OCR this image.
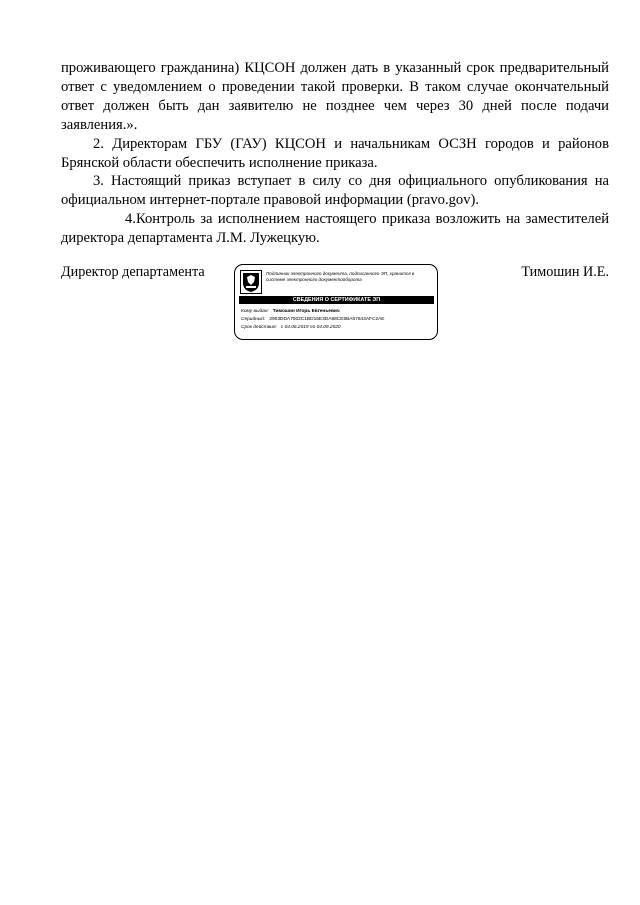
проживающего гражданина) КЦСОН должен дать в указанный срок предварительный ответ с уведомлением о проведении такой проверки. В таком случае окончательный ответ должен быть дан заявителю не позднее чем через 30 дней после подачи заявления.».

2. Директорам ГБУ (ГАУ) КЦСОН и начальникам ОСЗН городов и районов Брянской области обеспечить исполнение приказа.

3. Настоящий приказ вступает в силу со дня официального опубликования на официальном интернет-портале правовой информации (pravo.gov).

4.Контроль за исполнением настоящего приказа возложить на заместителей директора департамента Л.М. Лужецкую.

Директор департамента	Подлинник электронного документа, подписанного ЭП, хранится в системе электронного документооборота
СВЕДЕНИЯ О СЕРТИФИКАТЕ ЭП
Кому выдан: Тимошин Игорь Евгеньевич
Серийный: 2903DDA7002C1BD15E3DA88CE6BA67843AFC2AE
Срок действия: с 04.06.2019 по 04.09.2020
Тимошин И.Е.
